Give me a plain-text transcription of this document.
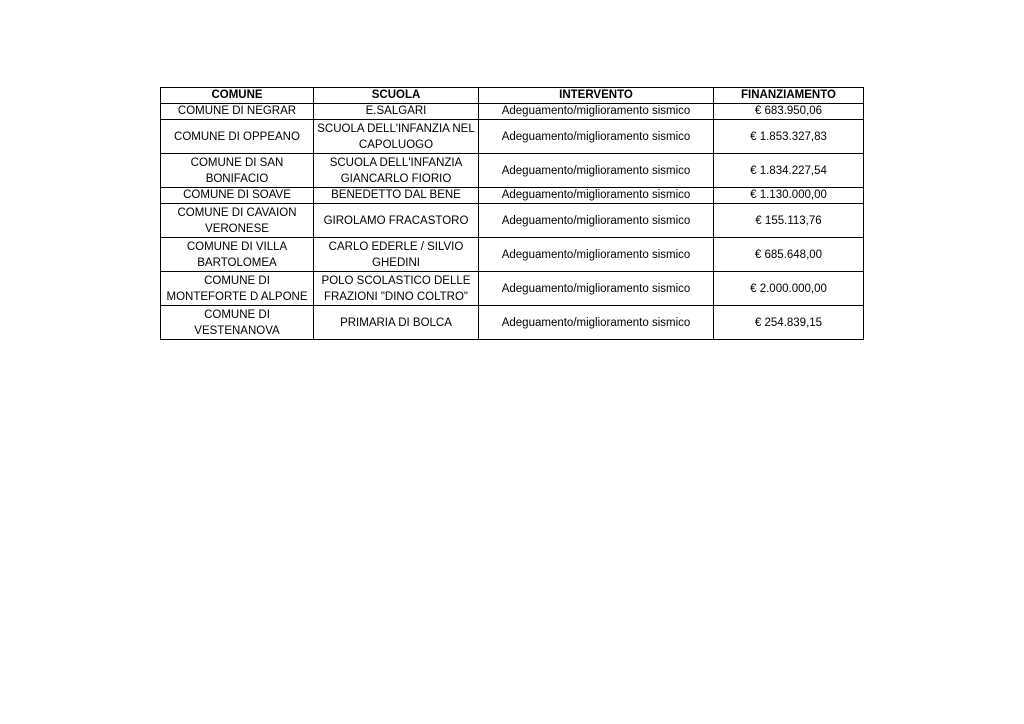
COMUNE	SCUOLA	INTERVENTO	FINANZIAMENTO
COMUNE DI NEGRAR	E.SALGARI	Adeguamento/miglioramento sismico	€ 683.950,06
COMUNE DI OPPEANO	SCUOLA DELL'INFANZIA NEL CAPOLUOGO	Adeguamento/miglioramento sismico	€ 1.853.327,83
COMUNE DI SAN BONIFACIO	SCUOLA DELL'INFANZIA GIANCARLO FIORIO	Adeguamento/miglioramento sismico	€ 1.834.227,54
COMUNE DI SOAVE	BENEDETTO DAL BENE	Adeguamento/miglioramento sismico	€ 1.130.000,00
COMUNE DI CAVAION VERONESE	GIROLAMO FRACASTORO	Adeguamento/miglioramento sismico	€ 155.113,76
COMUNE DI VILLA BARTOLOMEA	CARLO EDERLE / SILVIO GHEDINI	Adeguamento/miglioramento sismico	€ 685.648,00
COMUNE DI MONTEFORTE D ALPONE	POLO SCOLASTICO DELLE FRAZIONI "DINO COLTRO"	Adeguamento/miglioramento sismico	€ 2.000.000,00
COMUNE DI VESTENANOVA	PRIMARIA DI BOLCA	Adeguamento/miglioramento sismico	€ 254.839,15
